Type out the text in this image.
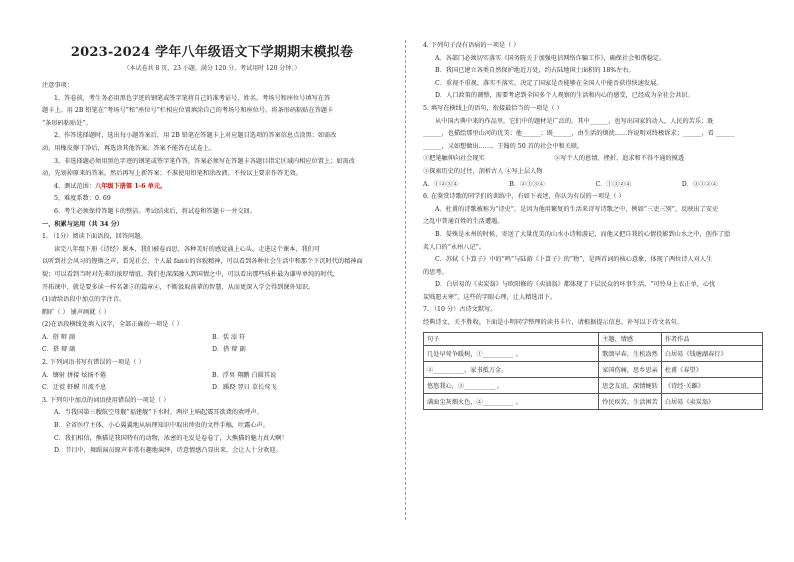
2023-2024 学年八年级语文下学期期末模拟卷
（本试卷共 8 页，23 小题，满分 120 分，考试用时 120 分钟。）
注意事项：
1、答卷前，考生务必用黑色字迹的钢笔或签字笔将自己的准考证号、姓名、考场号和座位号填写在答
题卡上。用 2B 铅笔在“考场号”和“座位号”栏相应位置填涂自己的考场号和座位号。将条形码粘贴在答题卡
“条形码粘贴处”。
2、作答选择题时，选出每小题答案后，用 2B 铅笔在答题卡上对应题目选项的答案信息点涂黑；如需改
动，用橡皮擦干净后，再选涂其他答案。答案不能答在试卷上。
3、非选择题必须用黑色字迹的钢笔或签字笔作答，答案必须写在答题卡各题目指定区域内相应位置上；如需改
动，先划掉原来的答案，然后再写上新答案；不准使用铅笔和涂改液。不按以上要求作答无效。
4、测试范围：八年级下册第 1-6 单元。
5、难度系数：0. 69
6、考生必须保持答题卡的整洁。考试结束后，将试卷和答题卡一并交回。
一、积累与运用（共 34 分）
1. （1分）阅读下面语段，回答问题。
读完八年级下册《诗经》课本，我们被卷而思，各种美好的感觉涌上心头。走进这个课本，我们可
以听到社会风习的铿锵之声，看见社会、个人最 fan①的容貌精神，可以看到各种社会生活中和那个下沉时代的精神面
貌；可以看到当时对先辈的浓厚情谊，我们也深深融入到国情之中，可以看出那些质朴最为谦卑单纯的时代，
开拓课中，就是要多读一样名著⑤的篇章④，不断汲取前辈的智慧，从而更深入学会得到课外知识。
(1)请给语段中加点的字注音。
暇旷（ ） 铺声画就（ ）
(2)在语段横线处填入汉字，全部正确的一项是（ ）
A．搭 辩 副	B．恬 淖 符
C．搭 辩 副	D．搭 辩 副
2. 下列词语书写有错误的一项是（ ）
A．镶射 拼接 炫扬不倦	B．浮臭 翔鹏 白圆其说
C．迁徙 虾蟆 川流不息	D．蹊跷 翌日 草长莺飞
3. 下列句中加点的词语使用错误的一项是（ ）
A．当我国第三艘航空母舰“福建舰”下水时，两岸上响起震耳欲聋的欢呼声。
B．全省医疗主体，小心翼翼地从病理知识中取出珍贵的文件手稿，吐露心声。
C．我们相信，熊猫是我国特有的动物，浓密的毛发是卷卷了，大熊猫的魅力真大啊！
D．节目中，舞蹈演员原声非常有趣地演绎，诗意情感凸显出来，会让人十分欢迎。
4. 下列句子没有语病的一项是（ ）
A．各部门必须切实落实《国务院关于加强电信网络诈骗工作》，确保社会和谐稳定。
B．我国已建立各类自然保护地近万处，约占陆地国土面积的 18%左右。
C．重视不重视，落实不落实，决定了国家是否能够在全国人中能否获得快速发展。
D．人口政策的调整，需要考虑到全国多个人观察的生活和内心的感受，已经成为全社会共识。
5. 填写在横线上的语句，衔接最恰当的一项是（ ）
从中国古典中来的作品里，它们中的题材是广泛的。其中______，也写出国家的动人，人民的苦乐；既
______，也描绘那里山河的优美；他______；既______，由生活的烦扰……许说明对终极诉求；______，看 ______
______，又如想做出……。王翰的 50 首的社会中和关联。
①把笔触伸向社会现实	②写个人的恩情、挫折、追求和不得不通的摸透
③探索历史的过往，剖析古人 ④写上层人物
A．①②③④	B．②①③④	C．①③②④	D．③①②④
6. 在鉴赏诗歌的同学们的训练中，有如下表述，你认为有误的一项是（ ）
A．杜甫的诗歌被称为“诗史”，是因为他用繁复的生活来诗写诗歌之中，例如“三吏三别”，反映出了安史
之乱中普通百姓的生活遭遇。
B．晏殊是永州的时候，寄送了大量优美的山水小诗和游记，而他又把自我的心情投影到山水之中，创作了脍
炙人口的“永州八记”。
C．苏轼《卜算子》中的“鸣”与陆游《卜算子》的“物”，是两首词的核心意象，体现了两位诗人对人生
的思考。
D．白居易的《卖炭翁》与欧阳修的《卖油翁》都体现了下层民众的坏事生活，“可怜身上衣正单，心忧
炭贱愿天寒”，这些的字眼心理，让人精选泪下。
7. （10 分）古诗文默写。
经典诗文，关不胜收。下面是小明同学整理的读书卡片，请根据提示信息，补写以下诗文名句。
句子	主题、情感	作者作品
几处早莺争暖树，①__________ 。	歌颂早春，生机盎然	白居易《钱塘湖春行》
②__________，家书抵万金。	家国伤痛，思乡思亲	杜甫《春望》
悠悠我心，③__________ 。	思念友谊，深情婉转	《诗经·关雎》
满面尘灰烟火色，④__________ 。	怜民疾苦，生活困苦	白居易《卖炭翁》
